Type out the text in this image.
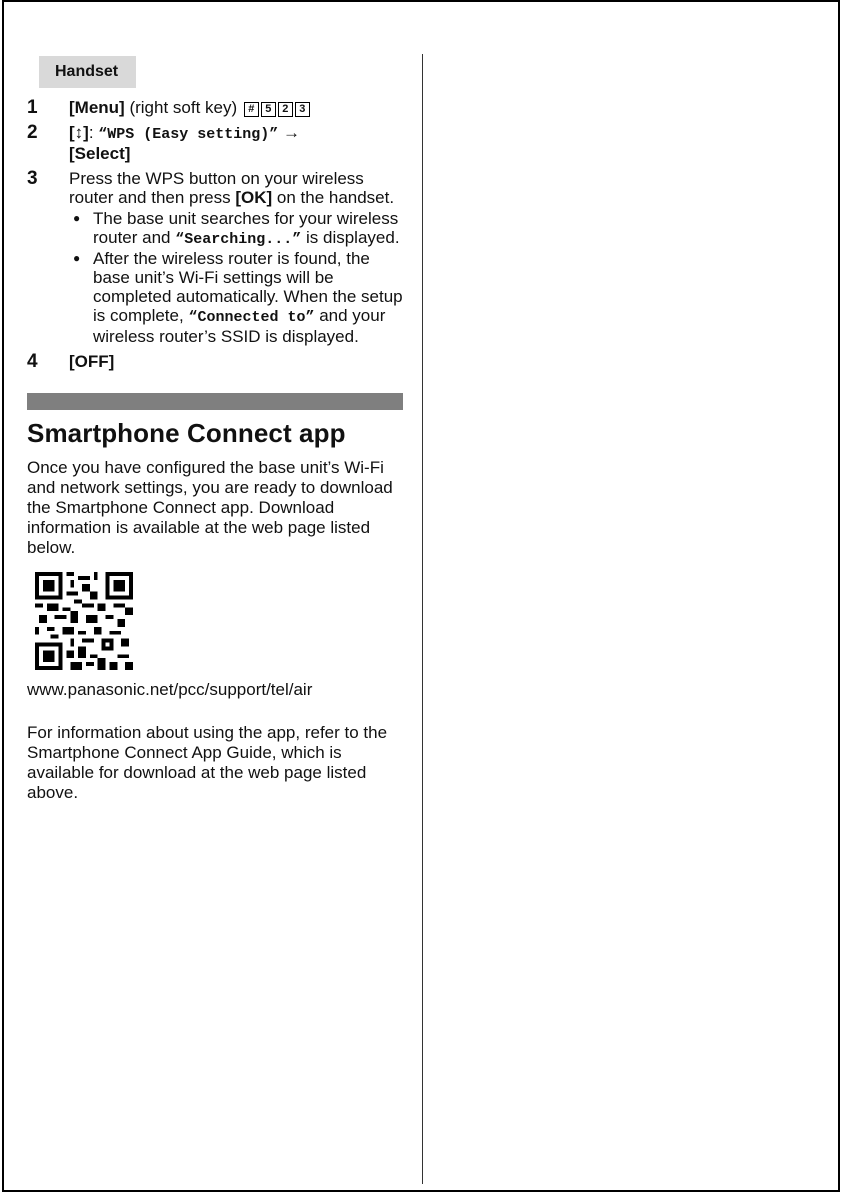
Handset
1	[Menu] (right soft key) # 5 2 3
2	[↕]: “WPS (Easy setting)” →
[Select]
3	Press the WPS button on your wireless router and then press [OK] on the handset.
● The base unit searches for your wireless router and “Searching...” is displayed.
● After the wireless router is found, the base unit’s Wi-Fi settings will be completed automatically. When the setup is complete, “Connected to” and your wireless router’s SSID is displayed.
4	[OFF]
Smartphone Connect app

Once you have configured the base unit’s Wi-Fi and network settings, you are ready to download the Smartphone Connect app. Download information is available at the web page listed below.

www.panasonic.net/pcc/support/tel/air
For information about using the app, refer to the Smartphone Connect App Guide, which is available for download at the web page listed above.
